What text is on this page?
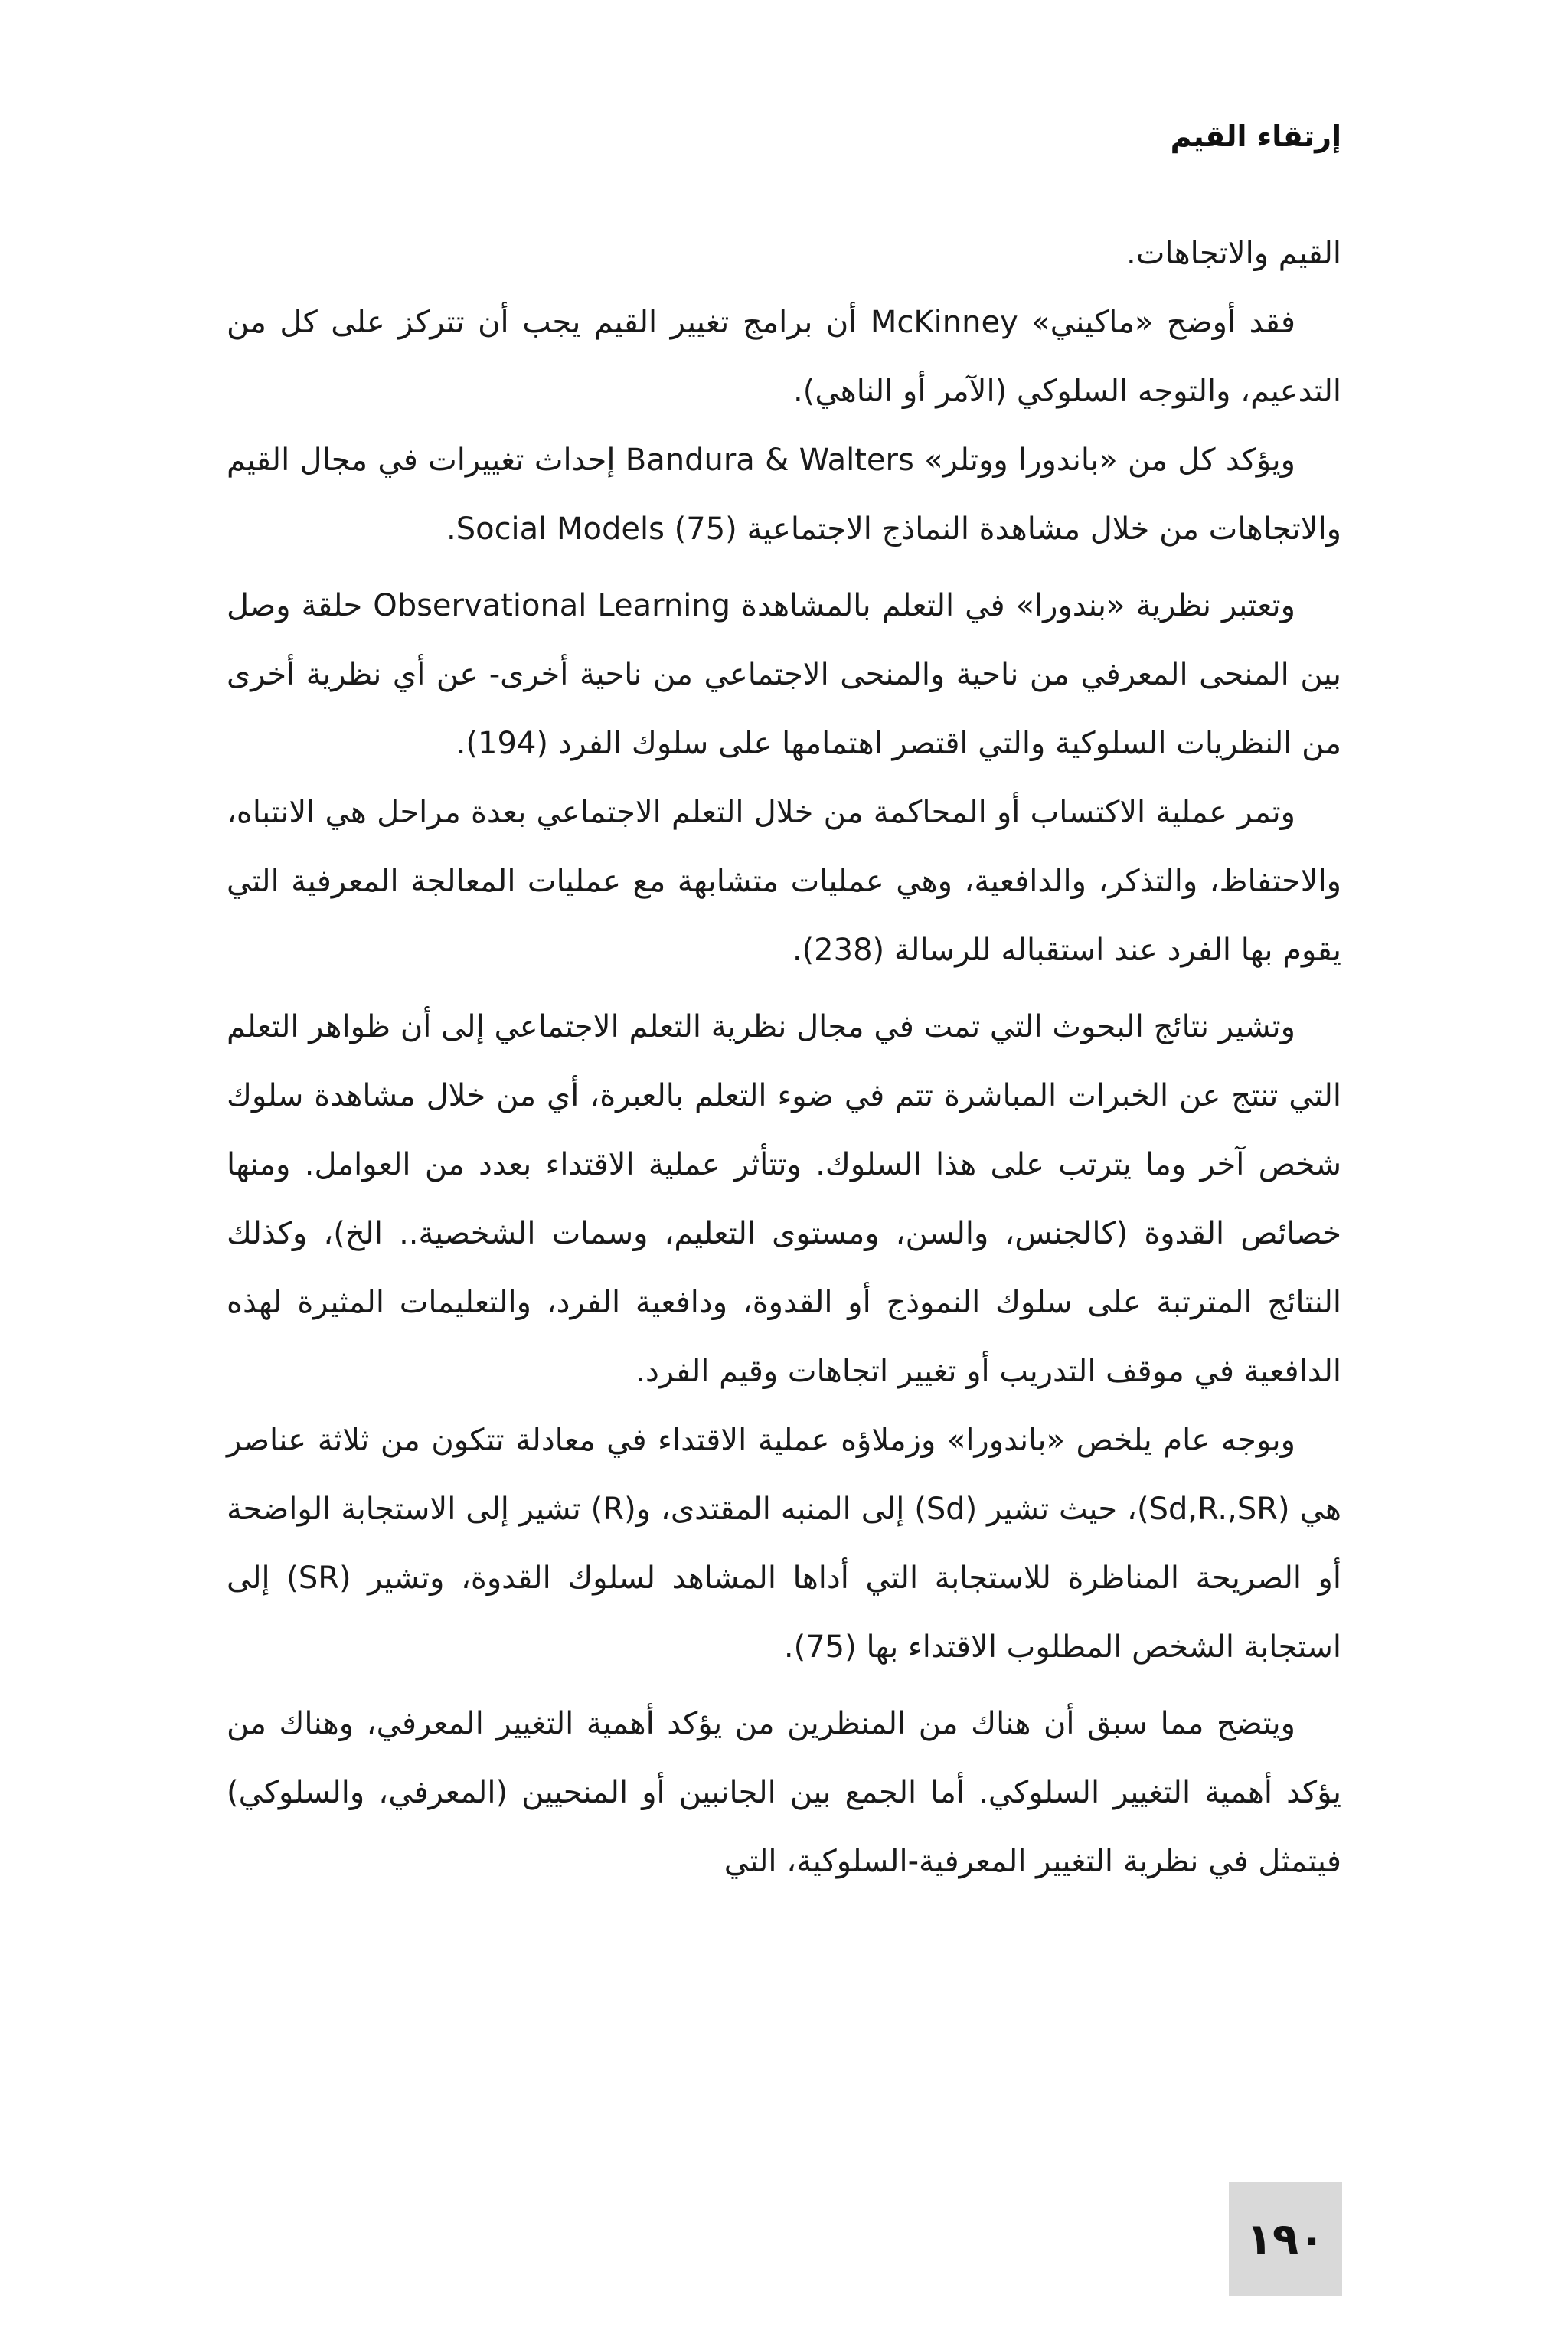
إرتقاء القيم

القيم والاتجاهات.

فقد أوضح «ماكيني» McKinney أن برامج تغيير القيم يجب أن تتركز على كل من التدعيم، والتوجه السلوكي (الآمر أو الناهي).

ويؤكد كل من «باندورا ووتلر» Bandura & Walters إحداث تغييرات في مجال القيم والاتجاهات من خلال مشاهدة النماذج الاجتماعية Social Models (75).

وتعتبر نظرية «بندورا» في التعلم بالمشاهدة Observational Learning حلقة وصل بين المنحى المعرفي من ناحية والمنحى الاجتماعي من ناحية أخرى- عن أي نظرية أخرى من النظريات السلوكية والتي اقتصر اهتمامها على سلوك الفرد (194).

وتمر عملية الاكتساب أو المحاكمة من خلال التعلم الاجتماعي بعدة مراحل هي الانتباه، والاحتفاظ، والتذكر، والدافعية، وهي عمليات متشابهة مع عمليات المعالجة المعرفية التي يقوم بها الفرد عند استقباله للرسالة (238).

وتشير نتائج البحوث التي تمت في مجال نظرية التعلم الاجتماعي إلى أن ظواهر التعلم التي تنتج عن الخبرات المباشرة تتم في ضوء التعلم بالعبرة، أي من خلال مشاهدة سلوك شخص آخر وما يترتب على هذا السلوك. وتتأثر عملية الاقتداء بعدد من العوامل. ومنها خصائص القدوة (كالجنس، والسن، ومستوى التعليم، وسمات الشخصية.. الخ)، وكذلك النتائج المترتبة على سلوك النموذج أو القدوة، ودافعية الفرد، والتعليمات المثيرة لهذه الدافعية في موقف التدريب أو تغيير اتجاهات وقيم الفرد.

وبوجه عام يلخص «باندورا» وزملاؤه عملية الاقتداء في معادلة تتكون من ثلاثة عناصر هي (Sd,R.,SR)، حيث تشير (Sd) إلى المنبه المقتدى، و(R) تشير إلى الاستجابة الواضحة أو الصريحة المناظرة للاستجابة التي أداها المشاهد لسلوك القدوة، وتشير (SR) إلى استجابة الشخص المطلوب الاقتداء بها (75).

ويتضح مما سبق أن هناك من المنظرين من يؤكد أهمية التغيير المعرفي، وهناك من يؤكد أهمية التغيير السلوكي. أما الجمع بين الجانبين أو المنحيين (المعرفي، والسلوكي) فيتمثل في نظرية التغيير المعرفية-السلوكية، التي

١٩٠
